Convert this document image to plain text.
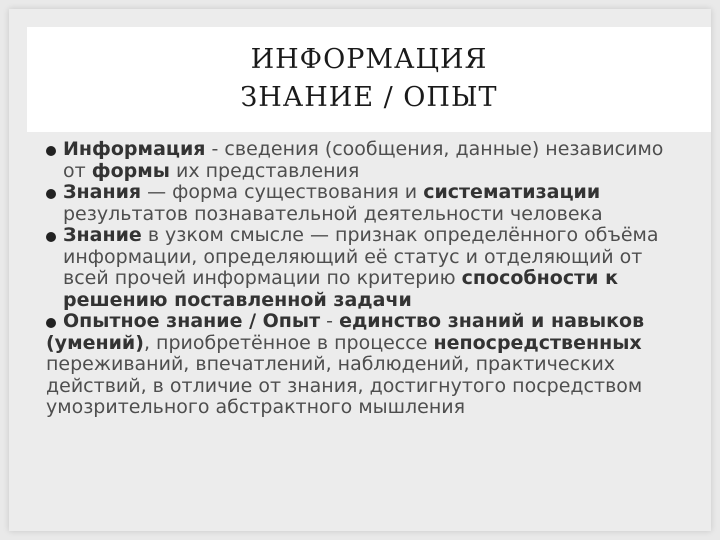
ИНФОРМАЦИЯ
ЗНАНИЕ / ОПЫТ

Информация - сведения (сообщения, данные) независимо от формы их представления

Знания — форма существования и систематизации результатов познавательной деятельности человека

Знание в узком смысле — признак определённого объёма информации, определяющий её статус и отделяющий от всей прочей информации по критерию способности к решению поставленной задачи

Опытное знание / Опыт - единство знаний и навыков (умений), приобретённое в процессе непосредственных переживаний, впечатлений, наблюдений, практических действий, в отличие от знания, достигнутого посредством умозрительного абстрактного мышления
